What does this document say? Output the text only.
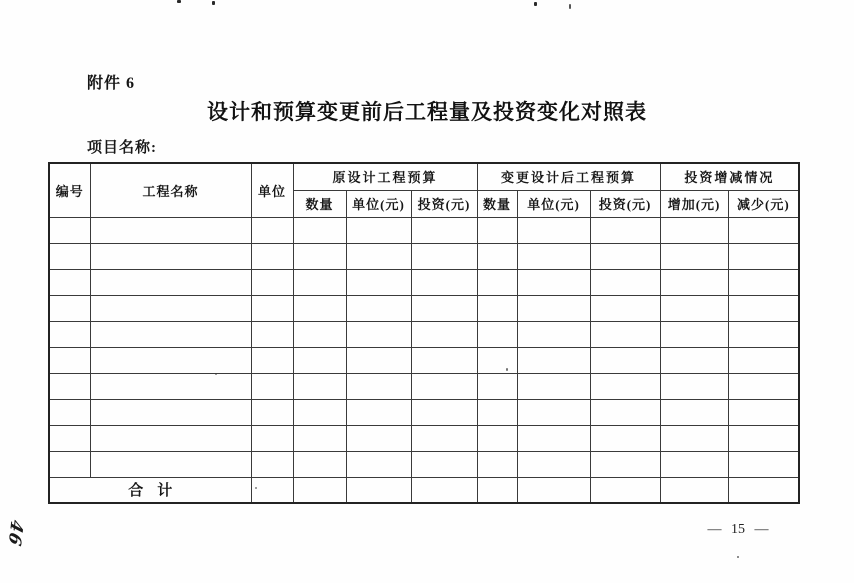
附件 6
设计和预算变更前后工程量及投资变化对照表
项目名称:
编号	工程名称	单位	原设计工程预算			变更设计后工程预算			投资增减情况	
			数量	单位(元)	投资(元)	数量	单位(元)	投资(元)	增加(元)	减少(元)

合计										
— 15 —
46
